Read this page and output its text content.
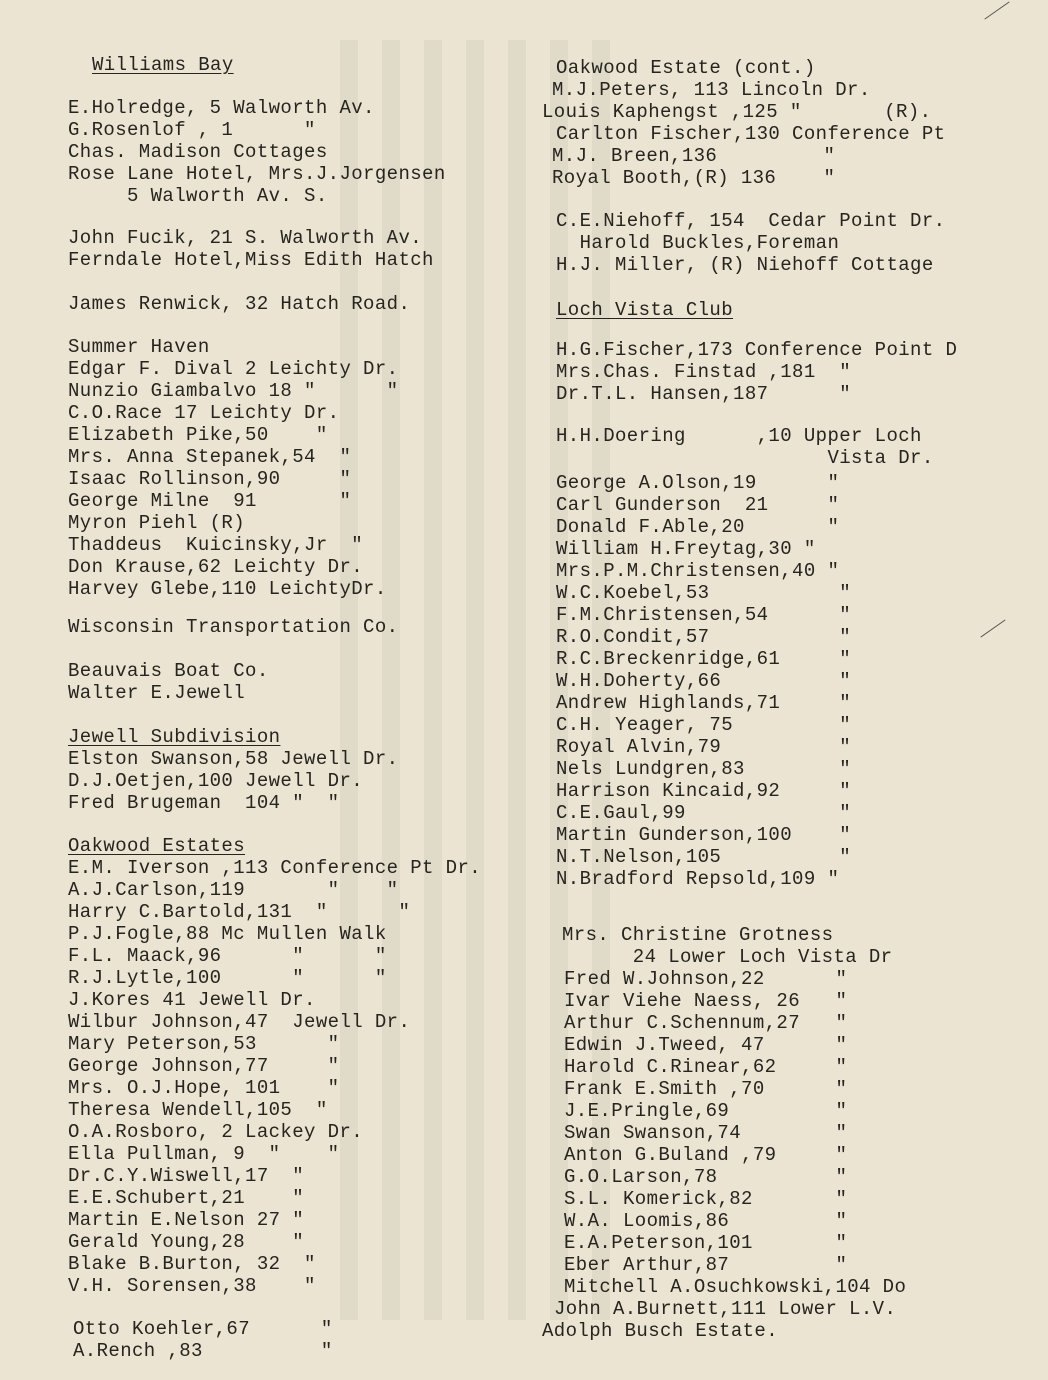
Williams Bay
E.Holredge, 5 Walworth Av.
G.Rosenlof , 1      "
Chas. Madison Cottages
Rose Lane Hotel, Mrs.J.Jorgensen
5 Walworth Av. S.
John Fucik, 21 S. Walworth Av.
Ferndale Hotel,Miss Edith Hatch
James Renwick, 32 Hatch Road.
Summer Haven
Edgar F. Dival 2 Leichty Dr.
Nunzio Giambalvo 18 "      "
C.O.Race 17 Leichty Dr.
Elizabeth Pike,50    "
Mrs. Anna Stepanek,54  "
Isaac Rollinson,90     "
George Milne  91       "
Myron Piehl (R)
Thaddeus  Kuicinsky,Jr  "
Don Krause,62 Leichty Dr.
Harvey Glebe,110 LeichtyDr.
Wisconsin Transportation Co.
Beauvais Boat Co.
Walter E.Jewell
Jewell Subdivision
Elston Swanson,58 Jewell Dr.
D.J.Oetjen,100 Jewell Dr.
Fred Brugeman  104 "  "
Oakwood Estates
E.M. Iverson ,113 Conference Pt Dr.
A.J.Carlson,119       "    "
Harry C.Bartold,131  "      "
P.J.Fogle,88 Mc Mullen Walk
F.L. Maack,96      "      "
R.J.Lytle,100      "      "
J.Kores 41 Jewell Dr.
Wilbur Johnson,47  Jewell Dr.
Mary Peterson,53      "
George Johnson,77     "
Mrs. O.J.Hope, 101    "
Theresa Wendell,105  "
O.A.Rosboro, 2 Lackey Dr.
Ella Pullman, 9  "    "
Dr.C.Y.Wiswell,17  "
E.E.Schubert,21    "
Martin E.Nelson 27 "
Gerald Young,28    "
Blake B.Burton, 32  "
V.H. Sorensen,38    "
Otto Koehler,67      "
A.Rench ,83          "
Oakwood Estate (cont.)
M.J.Peters, 113 Lincoln Dr.
Louis Kaphengst ,125 "       (R).
Carlton Fischer,130 Conference Pt
M.J. Breen,136         "
Royal Booth,(R) 136    "
C.E.Niehoff, 154  Cedar Point Dr.
Harold Buckles,Foreman
H.J. Miller, (R) Niehoff Cottage
Loch Vista Club
H.G.Fischer,173 Conference Point D
Mrs.Chas. Finstad ,181  "
Dr.T.L. Hansen,187      "
H.H.Doering      ,10 Upper Loch
Vista Dr.
George A.Olson,19      "
Carl Gunderson  21     "
Donald F.Able,20       "
William H.Freytag,30 "
Mrs.P.M.Christensen,40 "
W.C.Koebel,53           "
F.M.Christensen,54      "
R.O.Condit,57           "
R.C.Breckenridge,61     "
W.H.Doherty,66          "
Andrew Highlands,71     "
C.H. Yeager, 75         "
Royal Alvin,79          "
Nels Lundgren,83        "
Harrison Kincaid,92     "
C.E.Gaul,99             "
Martin Gunderson,100    "
N.T.Nelson,105          "
N.Bradford Repsold,109 "
Mrs. Christine Grotness
24 Lower Loch Vista Dr
Fred W.Johnson,22      "
Ivar Viehe Naess, 26   "
Arthur C.Schennum,27   "
Edwin J.Tweed, 47      "
Harold C.Rinear,62     "
Frank E.Smith ,70      "
J.E.Pringle,69         "
Swan Swanson,74        "
Anton G.Buland ,79     "
G.O.Larson,78          "
S.L. Komerick,82       "
W.A. Loomis,86         "
E.A.Peterson,101       "
Eber Arthur,87         "
Mitchell A.Osuchkowski,104 Do
John A.Burnett,111 Lower L.V.
Adolph Busch Estate.
